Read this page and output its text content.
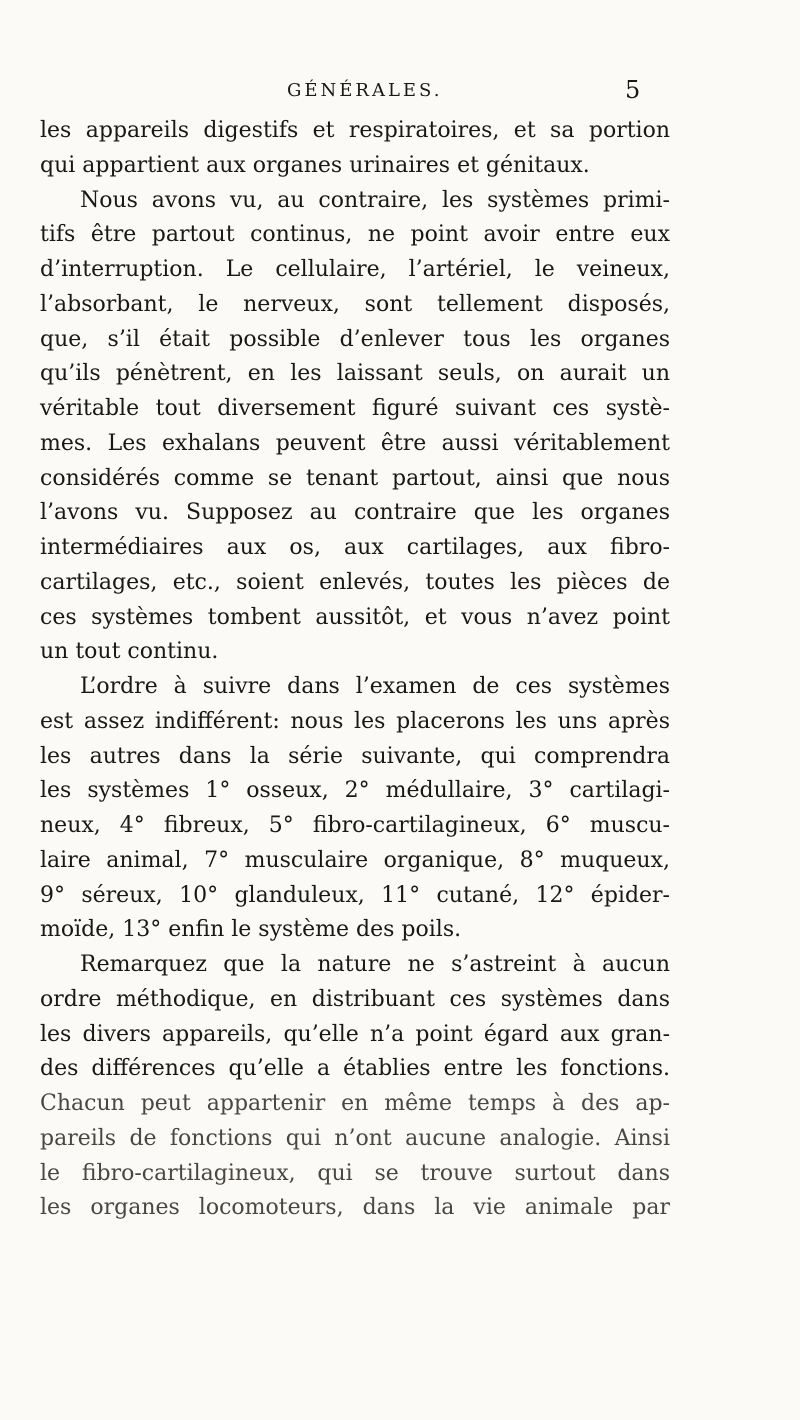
GÉNÉRALES.	5
les appareils digestifs et respiratoires, et sa portion
qui appartient aux organes urinaires et génitaux.
Nous avons vu, au contraire, les systèmes primi-
tifs être partout continus, ne point avoir entre eux
d’interruption. Le cellulaire, l’artériel, le veineux,
l’absorbant, le nerveux, sont tellement disposés,
que, s’il était possible d’enlever tous les organes
qu’ils pénètrent, en les laissant seuls, on aurait un
véritable tout diversement figuré suivant ces systè-
mes. Les exhalans peuvent être aussi véritablement
considérés comme se tenant partout, ainsi que nous
l’avons vu. Supposez au contraire que les organes
intermédiaires aux os, aux cartilages, aux fibro-
cartilages, etc., soient enlevés, toutes les pièces de
ces systèmes tombent aussitôt, et vous n’avez point
un tout continu.
L’ordre à suivre dans l’examen de ces systèmes
est assez indifférent: nous les placerons les uns après
les autres dans la série suivante, qui comprendra
les systèmes 1° osseux, 2° médullaire, 3° cartilagi-
neux, 4° fibreux, 5° fibro-cartilagineux, 6° muscu-
laire animal, 7° musculaire organique, 8° muqueux,
9° séreux, 10° glanduleux, 11° cutané, 12° épider-
moïde, 13° enfin le système des poils.
Remarquez que la nature ne s’astreint à aucun
ordre méthodique, en distribuant ces systèmes dans
les divers appareils, qu’elle n’a point égard aux gran-
des différences qu’elle a établies entre les fonctions.
Chacun peut appartenir en même temps à des ap-
pareils de fonctions qui n’ont aucune analogie. Ainsi
le fibro-cartilagineux, qui se trouve surtout dans
les organes locomoteurs, dans la vie animale par
